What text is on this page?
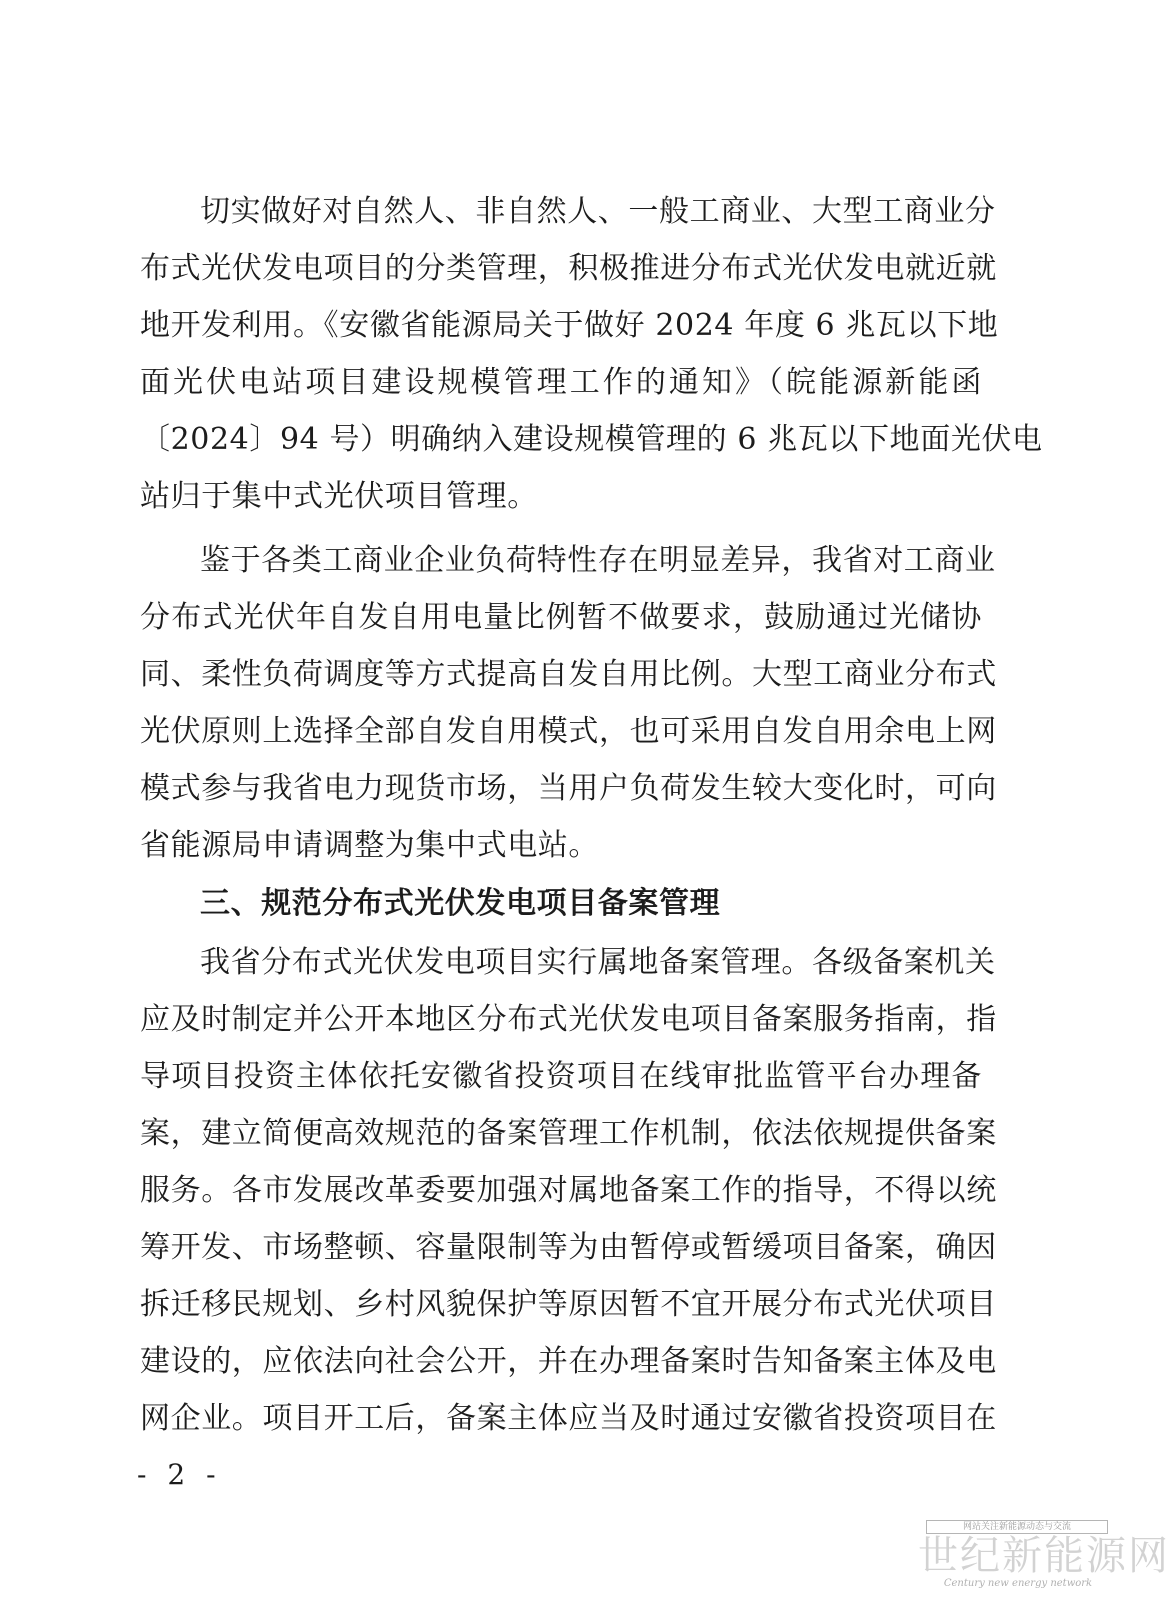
切实做好对自然人、非自然人、一般工商业、大型工商业分
布式光伏发电项目的分类管理，积极推进分布式光伏发电就近就
地开发利用。《安徽省能源局关于做好 2024 年度 6 兆瓦以下地
面光伏电站项目建设规模管理工作的通知》（皖能源新能函
〔2024〕94 号）明确纳入建设规模管理的 6 兆瓦以下地面光伏电
站归于集中式光伏项目管理。
鉴于各类工商业企业负荷特性存在明显差异，我省对工商业
分布式光伏年自发自用电量比例暂不做要求，鼓励通过光储协
同、柔性负荷调度等方式提高自发自用比例。大型工商业分布式
光伏原则上选择全部自发自用模式，也可采用自发自用余电上网
模式参与我省电力现货市场，当用户负荷发生较大变化时，可向
省能源局申请调整为集中式电站。
三、规范分布式光伏发电项目备案管理
我省分布式光伏发电项目实行属地备案管理。各级备案机关
应及时制定并公开本地区分布式光伏发电项目备案服务指南，指
导项目投资主体依托安徽省投资项目在线审批监管平台办理备
案，建立简便高效规范的备案管理工作机制，依法依规提供备案
服务。各市发展改革委要加强对属地备案工作的指导，不得以统
筹开发、市场整顿、容量限制等为由暂停或暂缓项目备案，确因
拆迁移民规划、乡村风貌保护等原因暂不宜开展分布式光伏项目
建设的，应依法向社会公开，并在办理备案时告知备案主体及电
网企业。项目开工后，备案主体应当及时通过安徽省投资项目在
- 2 -
网站关注新能源动态与交流
世纪新能源网
Century new energy network
